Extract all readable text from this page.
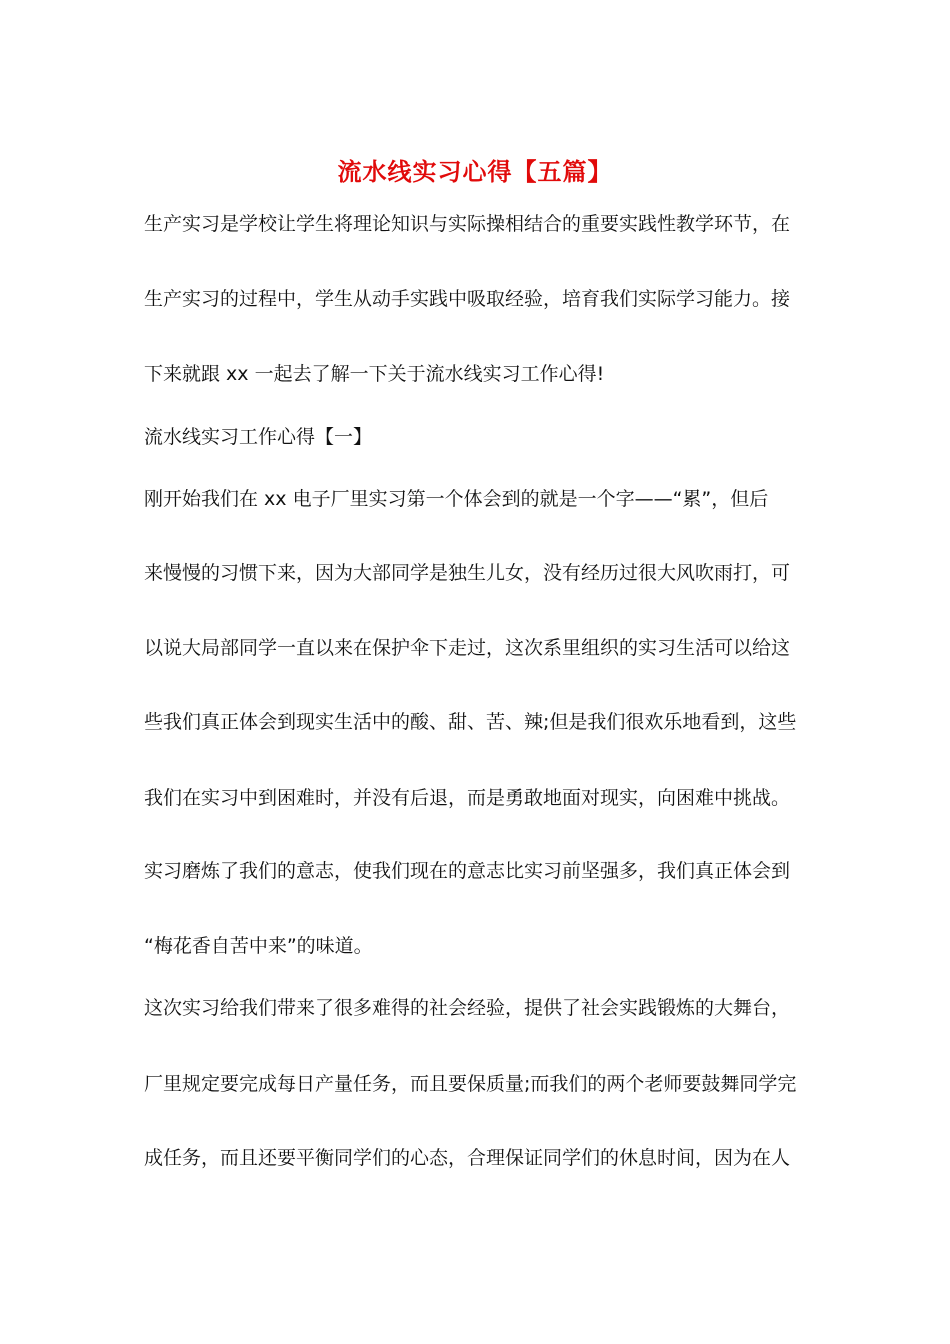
流水线实习心得【五篇】
生产实习是学校让学生将理论知识与实际操相结合的重要实践性教学环节，在
生产实习的过程中，学生从动手实践中吸取经验，培育我们实际学习能力。接
下来就跟 xx 一起去了解一下关于流水线实习工作心得!
流水线实习工作心得【一】
刚开始我们在 xx 电子厂里实习第一个体会到的就是一个字——“累”，但后
来慢慢的习惯下来，因为大部同学是独生儿女，没有经历过很大风吹雨打，可
以说大局部同学一直以来在保护伞下走过，这次系里组织的实习生活可以给这
些我们真正体会到现实生活中的酸、甜、苦、辣;但是我们很欢乐地看到，这些
我们在实习中到困难时，并没有后退，而是勇敢地面对现实，向困难中挑战。
实习磨炼了我们的意志，使我们现在的意志比实习前坚强多，我们真正体会到
“梅花香自苦中来”的味道。
这次实习给我们带来了很多难得的社会经验，提供了社会实践锻炼的大舞台，
厂里规定要完成每日产量任务，而且要保质量;而我们的两个老师要鼓舞同学完
成任务，而且还要平衡同学们的心态，合理保证同学们的休息时间，因为在人
